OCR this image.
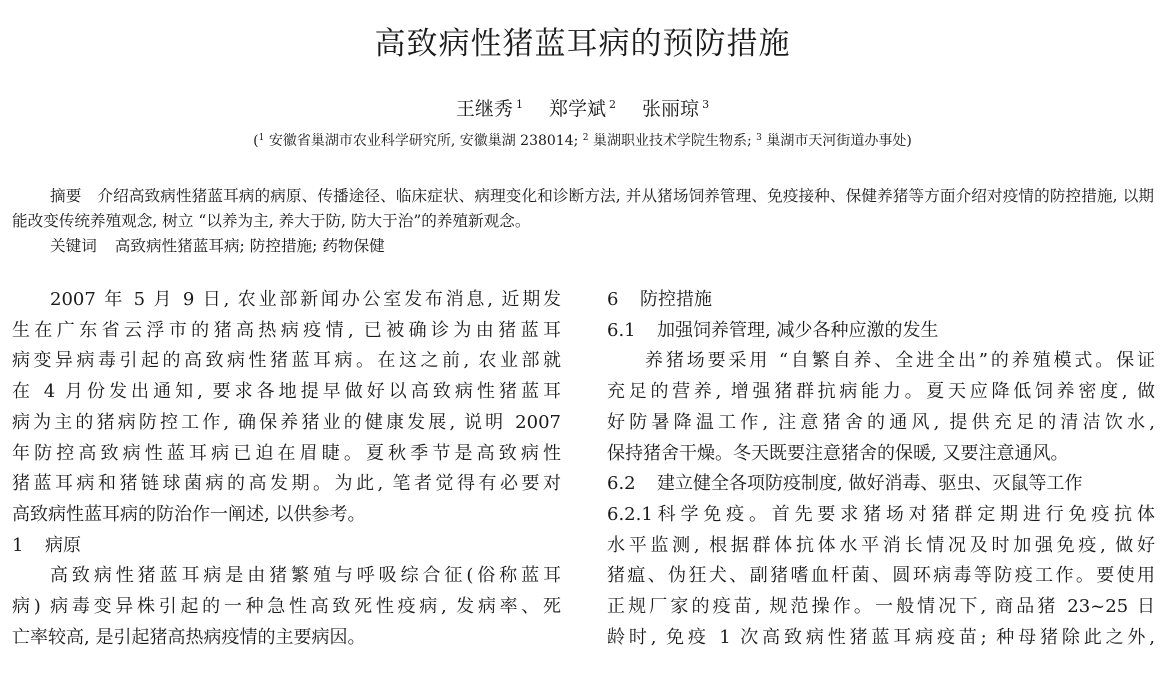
高致病性猪蓝耳病的预防措施
王继秀 $^1$ 郑学斌 $^2$ 张丽琼 $^3$
($^1$ 安徽省巢湖市农业科学研究所, 安徽巢湖 238014; $^2$ 巢湖职业技术学院生物系; $^3$ 巢湖市天河街道办事处)

摘要 介绍高致病性猪蓝耳病的病原、传播途径、临床症状、病理变化和诊断方法, 并从猪场饲养管理、免疫接种、保健养猪等方面介绍对疫情的防控措施, 以期能改变传统养殖观念, 树立 “以养为主, 养大于防, 防大于治”的养殖新观念。

关键词 高致病性猪蓝耳病; 防控措施; 药物保健

2007 年 5 月 9 日, 农业部新闻办公室发布消息, 近期发

生在广东省云浮市的猪高热病疫情, 已被确诊为由猪蓝耳

病变异病毒引起的高致病性猪蓝耳病。在这之前, 农业部就

在 4 月份发出通知, 要求各地提早做好以高致病性猪蓝耳

病为主的猪病防控工作, 确保养猪业的健康发展, 说明 2007

年防控高致病性蓝耳病已迫在眉睫。夏秋季节是高致病性

猪蓝耳病和猪链球菌病的高发期。为此, 笔者觉得有必要对

高致病性蓝耳病的防治作一阐述, 以供参考。

1 病原

高致病性猪蓝耳病是由猪繁殖与呼吸综合征(俗称蓝耳

病) 病毒变异株引起的一种急性高致死性疫病, 发病率、死

亡率较高, 是引起猪高热病疫情的主要病因。

6 防控措施
6.1 加强饲养管理, 减少各种应激的发生

养猪场要采用 “自繁自养、全进全出”的养殖模式。保证

充足的营养, 增强猪群抗病能力。夏天应降低饲养密度, 做

好防暑降温工作, 注意猪舍的通风, 提供充足的清洁饮水,

保持猪舍干燥。冬天既要注意猪舍的保暖, 又要注意通风。

6.2 建立健全各项防疫制度, 做好消毒、驱虫、灭鼠等工作

6.2.1科学免疫。首先要求猪场对猪群定期进行免疫抗体

水平监测, 根据群体抗体水平消长情况及时加强免疫, 做好

猪瘟、伪狂犬、副猪嗜血杆菌、圆环病毒等防疫工作。要使用

正规厂家的疫苗, 规范操作。一般情况下, 商品猪 23~25 日

龄时, 免疫 1 次高致病性猪蓝耳病疫苗; 种母猪除此之外,
